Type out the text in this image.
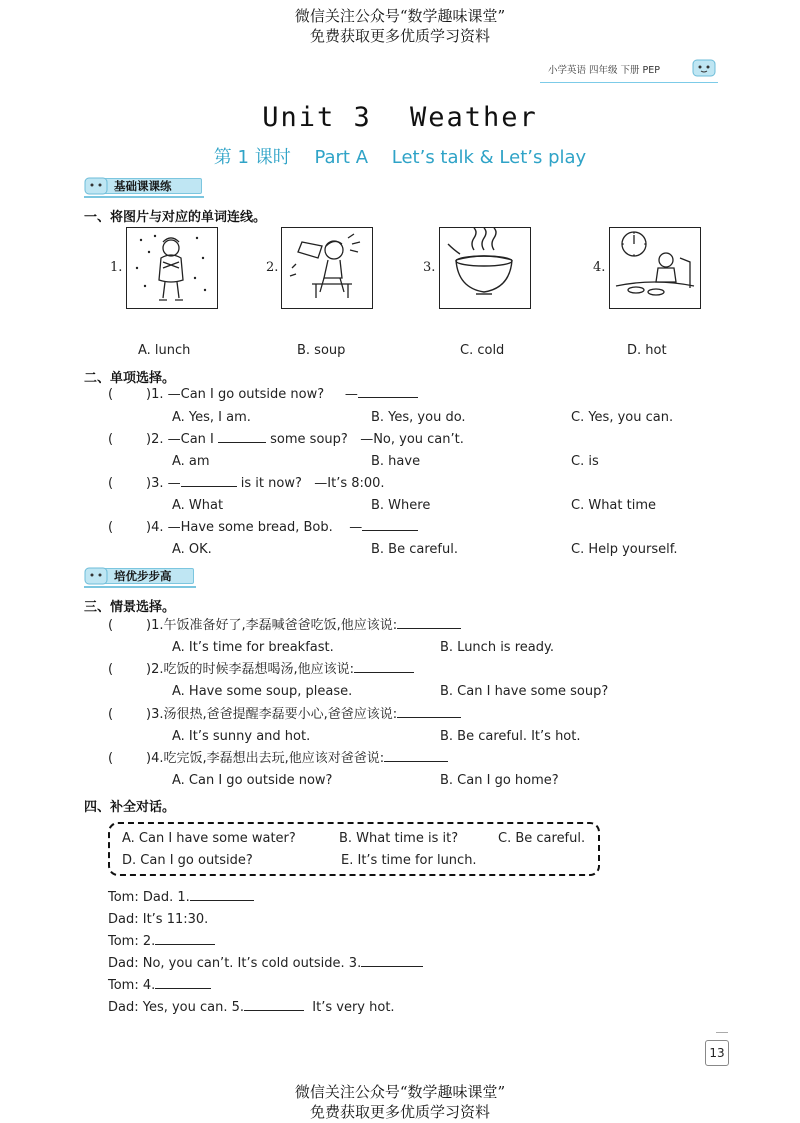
微信关注公众号“数学趣味课堂”
免费获取更多优质学习资料
小学英语 四年级 下册 PEP
Unit 3 Weather
第 1 课时 Part A Let’s talk & Let’s play
基础课课练
一、将图片与对应的单词连线。
1.	2.	3.	4.
A. lunch	B. soup	C. cold	D. hot
二、单项选择。
(	)1. —Can I go outside now? —
A. Yes, I am.	B. Yes, you do.	C. Yes, you can.
(	)2. —Can I	some soup? —No, you can’t.
A. am	B. have	C. is
(	)3. —	is it now? —It’s 8:00.
A. What	B. Where	C. What time
(	)4. —Have some bread, Bob. —
A. OK.	B. Be careful.	C. Help yourself.
培优步步高
三、情景选择。
(	)1.午饭准备好了,李磊喊爸爸吃饭,他应该说:
A. It’s time for breakfast.	B. Lunch is ready.
(	)2.吃饭的时候李磊想喝汤,他应该说:
A. Have some soup, please.	B. Can I have some soup?
(	)3.汤很热,爸爸提醒李磊要小心,爸爸应该说:
A. It’s sunny and hot.	B. Be careful. It’s hot.
(	)4.吃完饭,李磊想出去玩,他应该对爸爸说:
A. Can I go outside now?	B. Can I go home?
四、补全对话。
A. Can I have some water?	B. What time is it?	C. Be careful.
D. Can I go outside?	E. It’s time for lunch.
Tom: Dad. 1.
Dad: It’s 11:30.
Tom: 2.
Dad: No, you can’t. It’s cold outside. 3.
Tom: 4.
Dad: Yes, you can. 5.	It’s very hot.
13
微信关注公众号“数学趣味课堂”
免费获取更多优质学习资料
